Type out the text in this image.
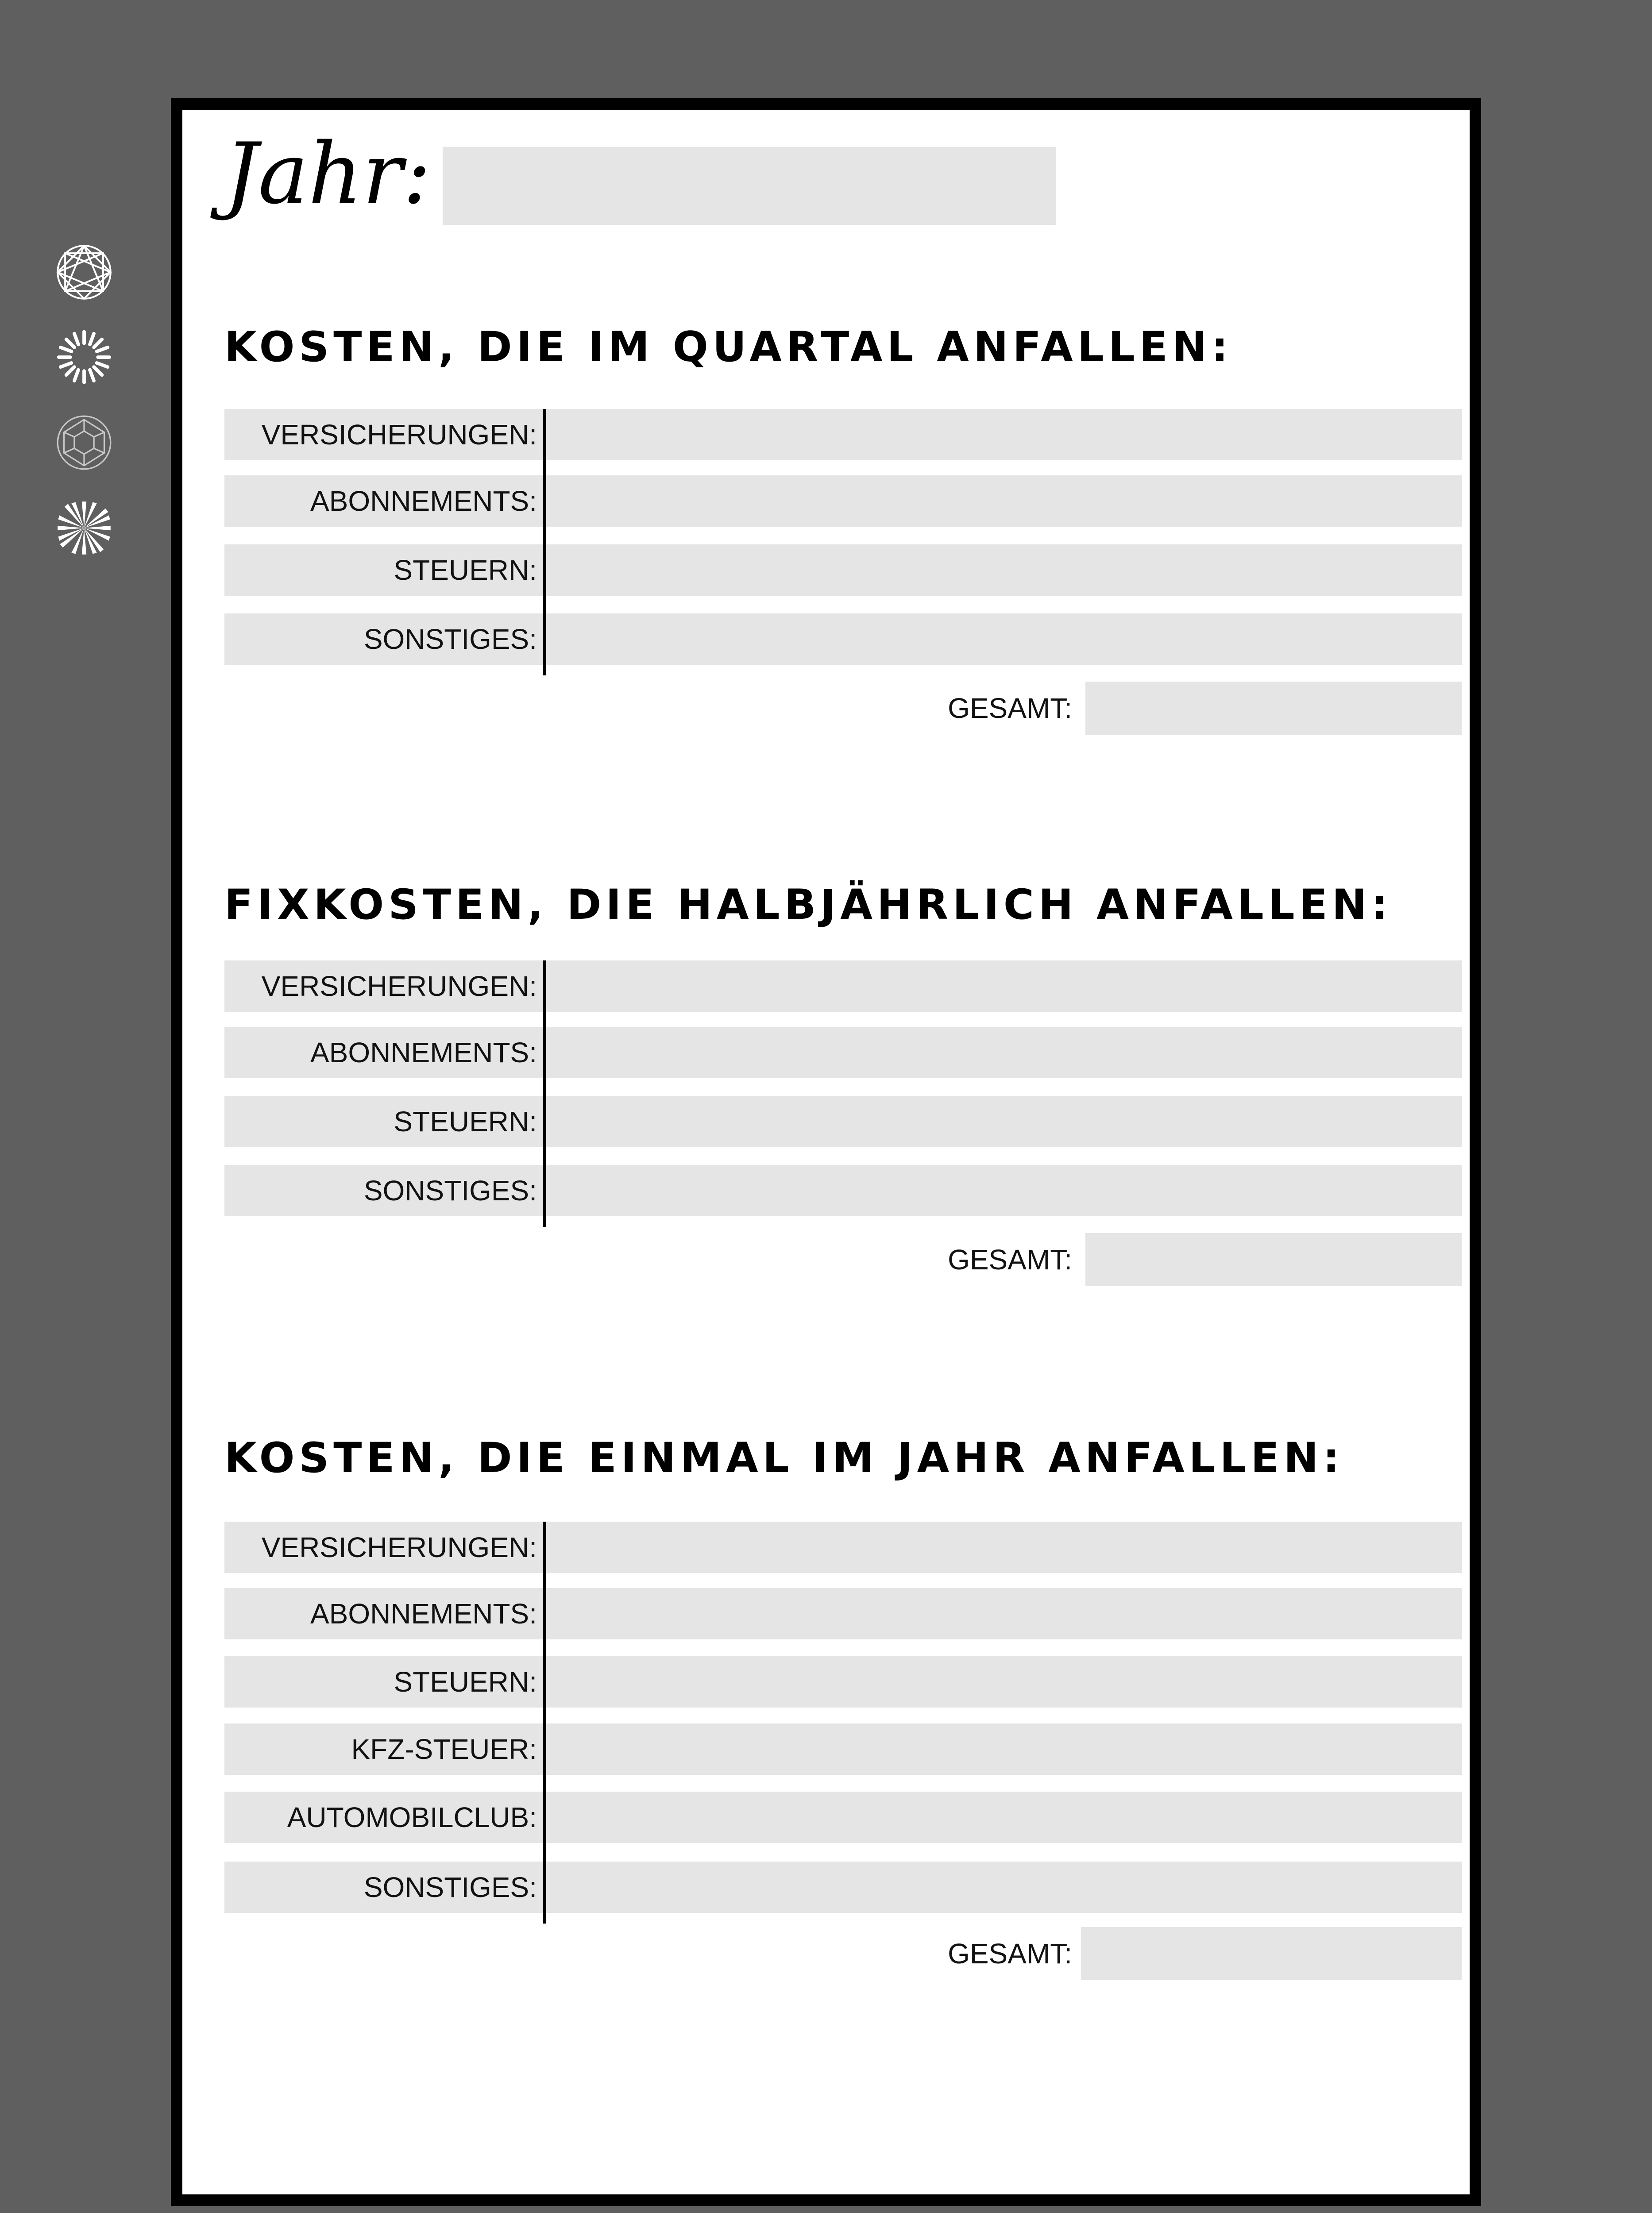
Jahr:
KOSTEN, DIE IM QUARTAL ANFALLEN:
VERSICHERUNGEN:
ABONNEMENTS:
STEUERN:
SONSTIGES:
GESAMT:
FIXKOSTEN, DIE HALBJÄHRLICH ANFALLEN:
VERSICHERUNGEN:
ABONNEMENTS:
STEUERN:
SONSTIGES:
GESAMT:
KOSTEN, DIE EINMAL IM JAHR ANFALLEN:
VERSICHERUNGEN:
ABONNEMENTS:
STEUERN:
KFZ-STEUER:
AUTOMOBILCLUB:
SONSTIGES:
GESAMT:
